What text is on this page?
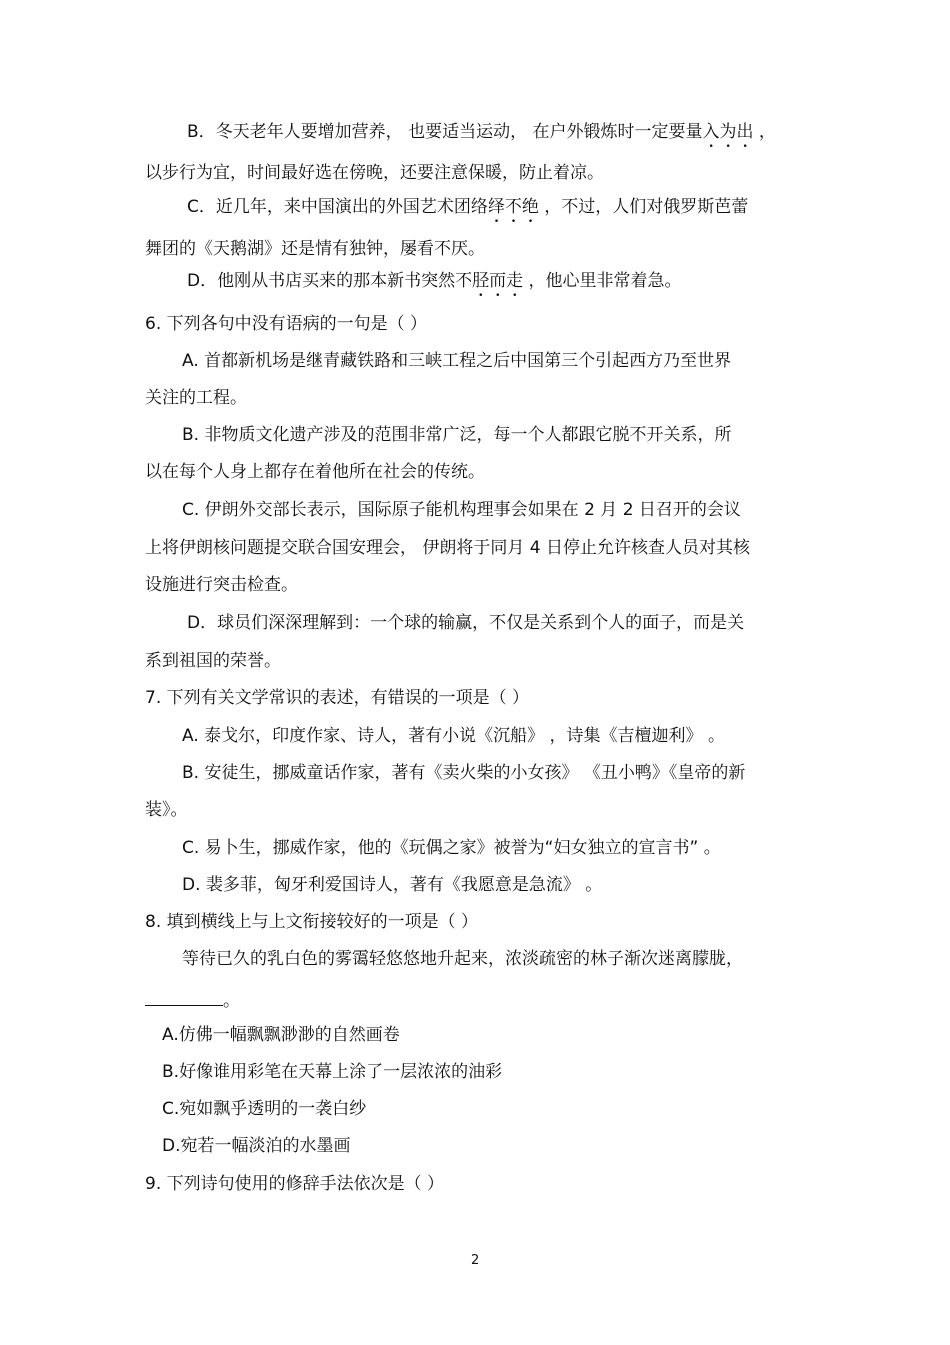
B．冬天老年人要增加营养， 也要适当运动， 在户外锻炼时一定要量入为出 ，
以步行为宜，时间最好选在傍晚，还要注意保暖，防止着凉。
C．近几年，来中国演出的外国艺术团络绎不绝 ，不过，人们对俄罗斯芭蕾
舞团的《天鹅湖》还是情有独钟，屡看不厌。
D．他刚从书店买来的那本新书突然不胫而走 ，他心里非常着急。
6. 下列各句中没有语病的一句是（ ）
A. 首都新机场是继青藏铁路和三峡工程之后中国第三个引起西方乃至世界
关注的工程。
B. 非物质文化遗产涉及的范围非常广泛，每一个人都跟它脱不开关系，所
以在每个人身上都存在着他所在社会的传统。
C. 伊朗外交部长表示，国际原子能机构理事会如果在 2 月 2 日召开的会议
上将伊朗核问题提交联合国安理会， 伊朗将于同月 4 日停止允许核查人员对其核
设施进行突击检查。
D．球员们深深理解到：一个球的输赢，不仅是关系到个人的面子，而是关
系到祖国的荣誉。
7. 下列有关文学常识的表述，有错误的一项是（ ）
A. 泰戈尔，印度作家、诗人，著有小说《沉船》 ，诗集《吉檀迦利》 。
B. 安徒生，挪威童话作家，著有《卖火柴的小女孩》 《丑小鸭》《皇帝的新
装》。
C. 易卜生，挪威作家，他的《玩偶之家》被誉为“妇女独立的宣言书” 。
D. 裴多菲，匈牙利爱国诗人，著有《我愿意是急流》 。
8. 填到横线上与上文衔接较好的一项是（ ）
等待已久的乳白色的雾霭轻悠悠地升起来，浓淡疏密的林子渐次迷离朦胧，
。
A.仿佛一幅飘飘渺渺的自然画卷
B.好像谁用彩笔在天幕上涂了一层浓浓的油彩
C.宛如飘乎透明的一袭白纱
D.宛若一幅淡泊的水墨画
9. 下列诗句使用的修辞手法依次是（ ）
2
